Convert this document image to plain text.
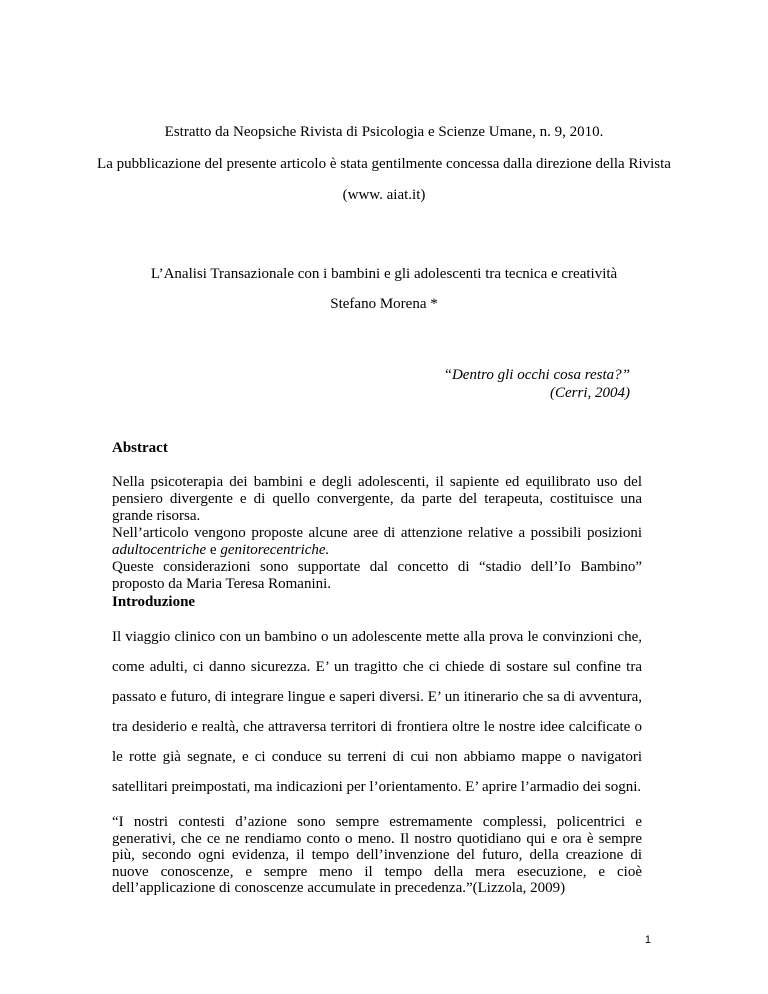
Estratto da Neopsiche Rivista di Psicologia e Scienze Umane, n. 9, 2010.
La pubblicazione del presente articolo è stata gentilmente concessa dalla direzione della Rivista
(www. aiat.it)
L’Analisi Transazionale con i bambini e gli adolescenti tra tecnica e creatività
Stefano Morena *
“Dentro gli occhi cosa resta?”
(Cerri, 2004)
Abstract

Nella psicoterapia dei bambini e degli adolescenti, il sapiente ed equilibrato uso del pensiero divergente e di quello convergente, da parte del terapeuta, costituisce una grande risorsa.

Nell’articolo vengono proposte alcune aree di attenzione relative a possibili posizioni adultocentriche e genitorecentriche.

Queste considerazioni sono supportate dal concetto di “stadio dell’Io Bambino” proposto da Maria Teresa Romanini.

Introduzione

Il viaggio clinico con un bambino o un adolescente mette alla prova le convinzioni che, come adulti, ci danno sicurezza. E’ un tragitto che ci chiede di sostare sul confine tra passato e futuro, di integrare lingue e saperi diversi. E’ un itinerario che sa di avventura, tra desiderio e realtà, che attraversa territori di frontiera oltre le nostre idee calcificate o le rotte già segnate, e ci conduce su terreni di cui non abbiamo mappe o navigatori satellitari preimpostati, ma indicazioni per l’orientamento. E’ aprire l’armadio dei sogni.

“I nostri contesti d’azione sono sempre estremamente complessi, policentrici e generativi, che ce ne rendiamo conto o meno. Il nostro quotidiano qui e ora è sempre più, secondo ogni evidenza, il tempo dell’invenzione del futuro, della creazione di nuove conoscenze, e sempre meno il tempo della mera esecuzione, e cioè dell’applicazione di conoscenze accumulate in precedenza.”(Lizzola, 2009)

1
